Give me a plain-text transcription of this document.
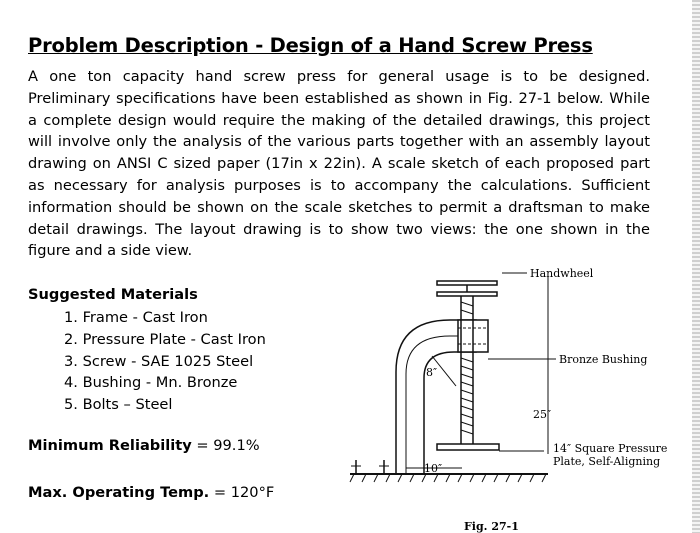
Problem Description - Design of a Hand Screw Press

A one ton capacity hand screw press for general usage is to be designed. Preliminary specifications have been established as shown in Fig. 27-1 below. While a complete design would require the making of the detailed drawings, this project will involve only the analysis of the various parts together with an assembly layout drawing on ANSI C sized paper (17in x 22in). A scale sketch of each proposed part as necessary for analysis purposes is to accompany the calculations. Sufficient information should be shown on the scale sketches to permit a draftsman to make detail drawings. The layout drawing is to show two views: the one shown in the figure and a side view.

Suggested Materials
1. Frame - Cast Iron
2. Pressure Plate - Cast Iron
3. Screw - SAE 1025 Steel
4. Bushing - Mn. Bronze
5. Bolts – Steel
Minimum Reliability = 99.1%
Max. Operating Temp. = 120°F
Handwheel
Bronze Bushing
25″
8″
10″
14″ Square Pressure
Plate, Self-Aligning
Fig. 27-1
